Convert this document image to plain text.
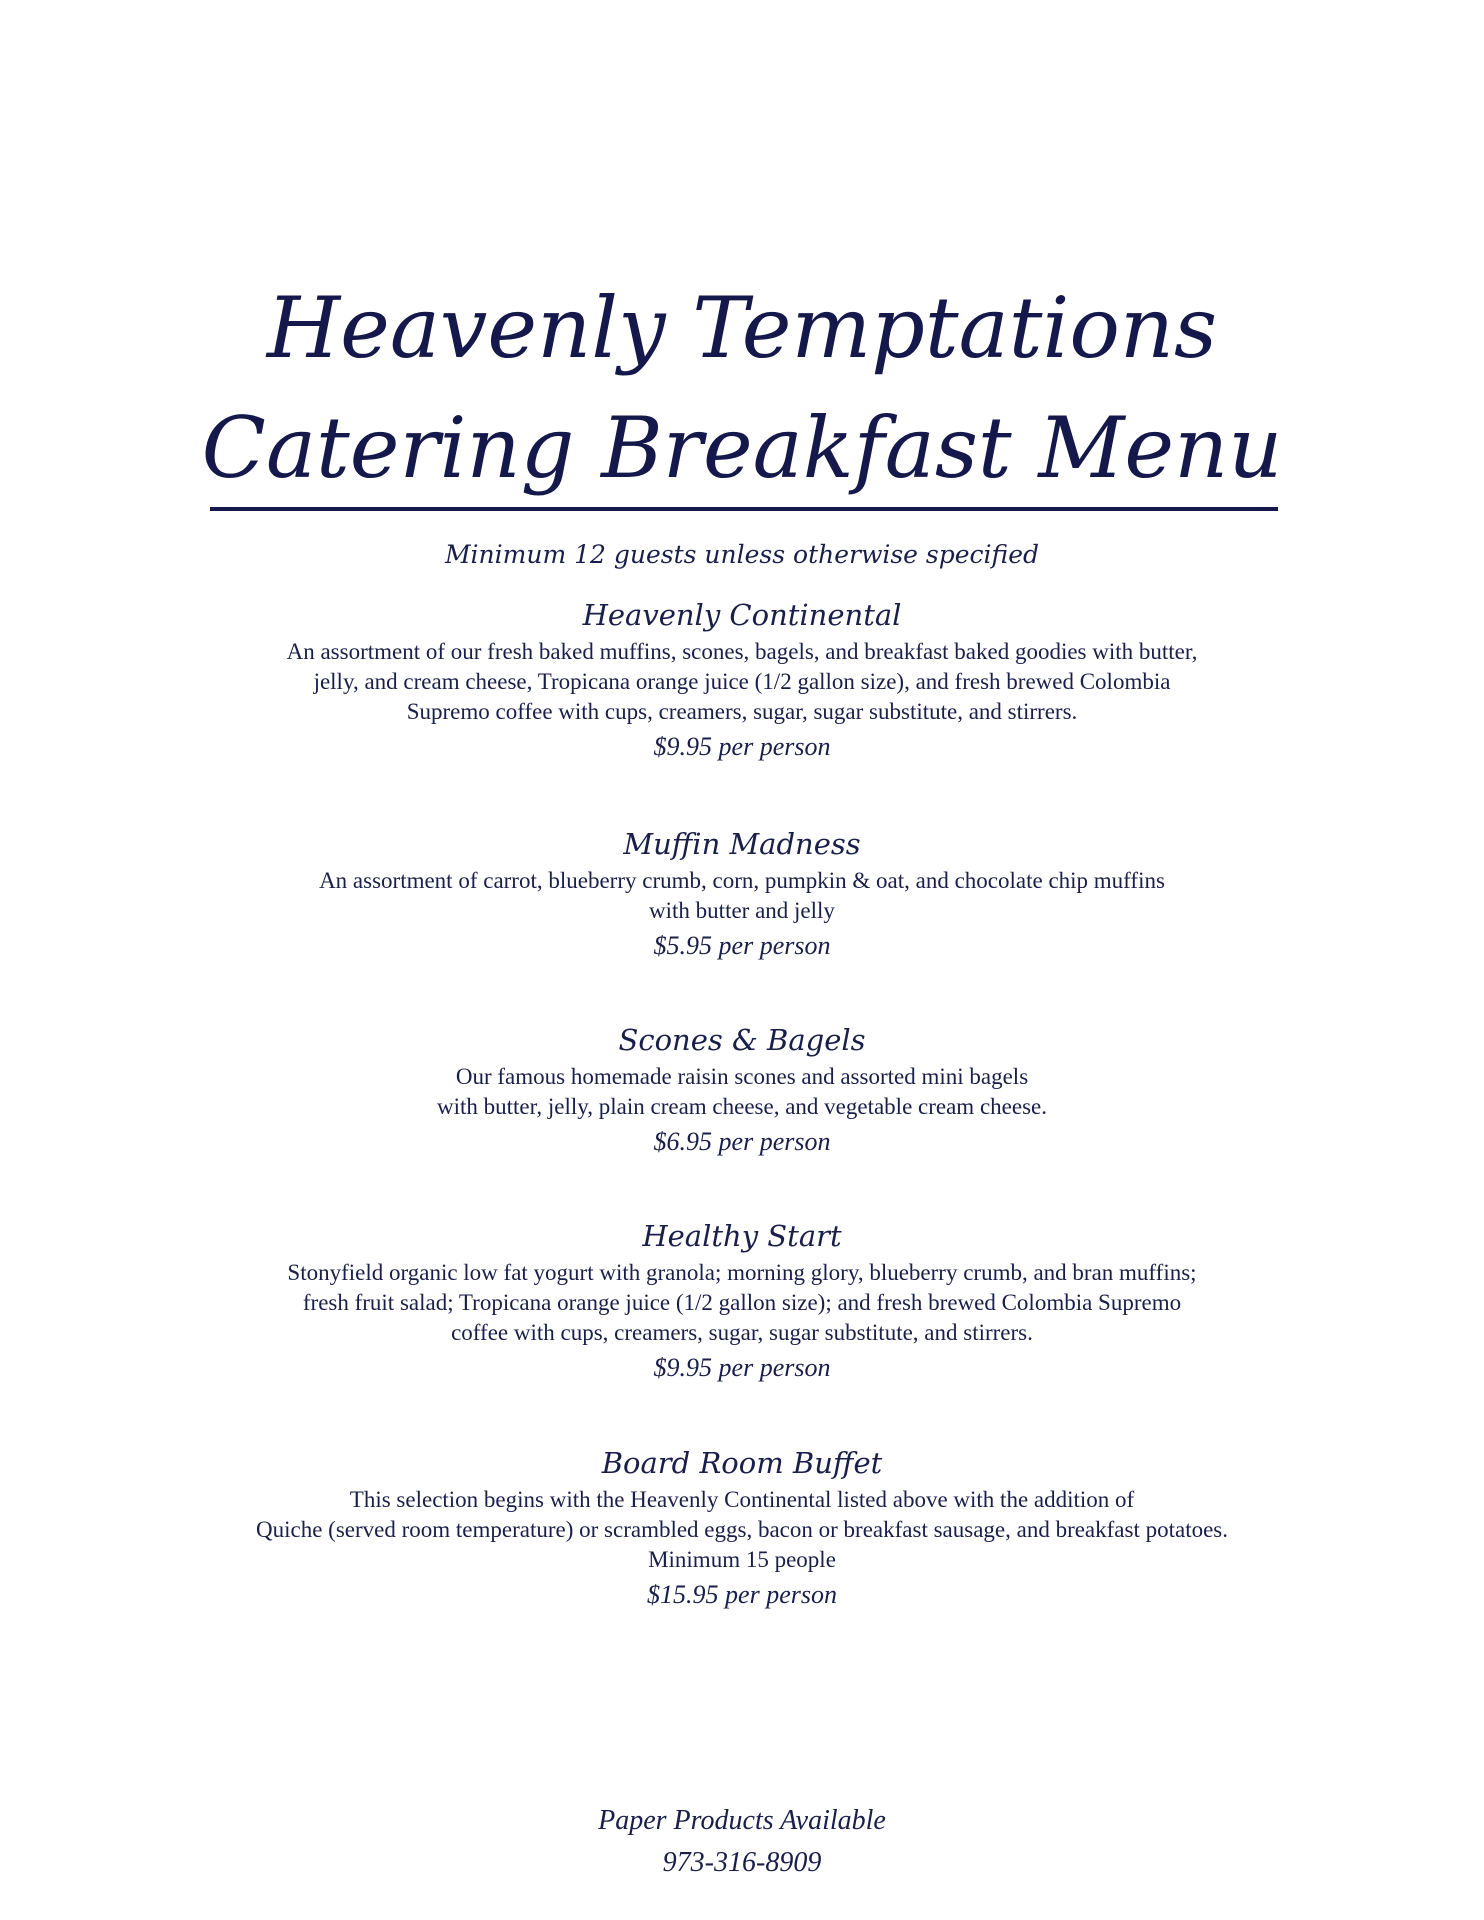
Heavenly Temptations
Catering Breakfast Menu
Minimum 12 guests unless otherwise specified
Heavenly Continental
An assortment of our fresh baked muffins, scones, bagels, and breakfast baked goodies with butter,
jelly, and cream cheese, Tropicana orange juice (1/2 gallon size), and fresh brewed Colombia
Supremo coffee with cups, creamers, sugar, sugar substitute, and stirrers.
$9.95 per person
Muffin Madness
An assortment of carrot, blueberry crumb, corn, pumpkin & oat, and chocolate chip muffins
with butter and jelly
$5.95 per person
Scones & Bagels
Our famous homemade raisin scones and assorted mini bagels
with butter, jelly, plain cream cheese, and vegetable cream cheese.
$6.95 per person
Healthy Start
Stonyfield organic low fat yogurt with granola; morning glory, blueberry crumb, and bran muffins;
fresh fruit salad; Tropicana orange juice (1/2 gallon size); and fresh brewed Colombia Supremo
coffee with cups, creamers, sugar, sugar substitute, and stirrers.
$9.95 per person
Board Room Buffet
This selection begins with the Heavenly Continental listed above with the addition of
Quiche (served room temperature) or scrambled eggs, bacon or breakfast sausage, and breakfast potatoes.
Minimum 15 people
$15.95 per person
Paper Products Available
973-316-8909
